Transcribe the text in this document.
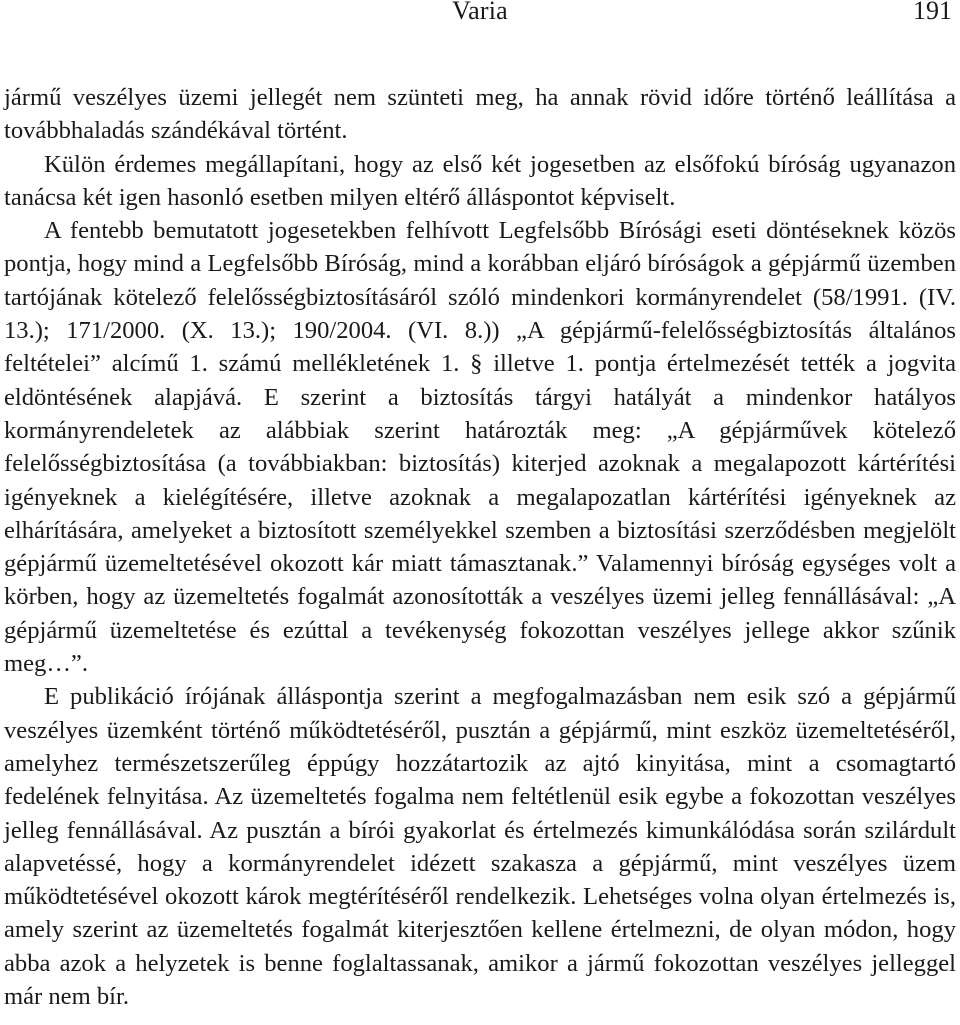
Varia	191

jármű veszélyes üzemi jellegét nem szünteti meg, ha annak rövid időre történő leállítása a továbbhaladás szándékával történt.

Külön érdemes megállapítani, hogy az első két jogesetben az elsőfokú bíróság ugyanazon tanácsa két igen hasonló esetben milyen eltérő álláspontot képviselt.

A fentebb bemutatott jogesetekben felhívott Legfelsőbb Bírósági eseti döntéseknek közös pontja, hogy mind a Legfelsőbb Bíróság, mind a korábban eljáró bíróságok a gépjármű üzemben tartójának kötelező felelősségbiztosításáról szóló mindenkori kormányrendelet (58/1991. (IV. 13.); 171/2000. (X. 13.); 190/2004. (VI. 8.)) „A gépjármű-felelősségbiztosítás általános feltételei” alcímű 1. számú mellékletének 1. § illetve 1. pontja értelmezését tették a jogvita eldöntésének alapjává. E szerint a biztosítás tárgyi hatályát a mindenkor hatályos kormányrendeletek az alábbiak szerint határozták meg: „A gépjárművek kötelező felelősségbiztosítása (a továbbiakban: biztosítás) kiterjed azoknak a megalapozott kártérítési igényeknek a kielégítésére, illetve azoknak a megalapozatlan kártérítési igényeknek az elhárítására, amelyeket a biztosított személyekkel szemben a biztosítási szerződésben megjelölt gépjármű üzemeltetésével okozott kár miatt támasztanak.” Valamennyi bíróság egységes volt a körben, hogy az üzemeltetés fogalmát azonosították a veszélyes üzemi jelleg fennállásával: „A gépjármű üzemeltetése és ezúttal a tevékenység fokozottan veszélyes jellege akkor szűnik meg…”.

E publikáció írójának álláspontja szerint a megfogalmazásban nem esik szó a gépjármű veszélyes üzemként történő működtetéséről, pusztán a gépjármű, mint eszköz üzemeltetéséről, amelyhez természetszerűleg éppúgy hozzátartozik az ajtó kinyitása, mint a csomagtartó fedelének felnyitása. Az üzemeltetés fogalma nem feltétlenül esik egybe a fokozottan veszélyes jelleg fennállásával. Az pusztán a bírói gyakorlat és értelmezés kimunkálódása során szilárdult alapvetéssé, hogy a kormányrendelet idézett szakasza a gépjármű, mint veszélyes üzem működtetésével okozott károk megtérítéséről rendelkezik. Lehetséges volna olyan értelmezés is, amely szerint az üzemeltetés fogalmát kiterjesztően kellene értelmezni, de olyan módon, hogy abba azok a helyzetek is benne foglaltassanak, amikor a jármű fokozottan veszélyes jelleggel már nem bír.
